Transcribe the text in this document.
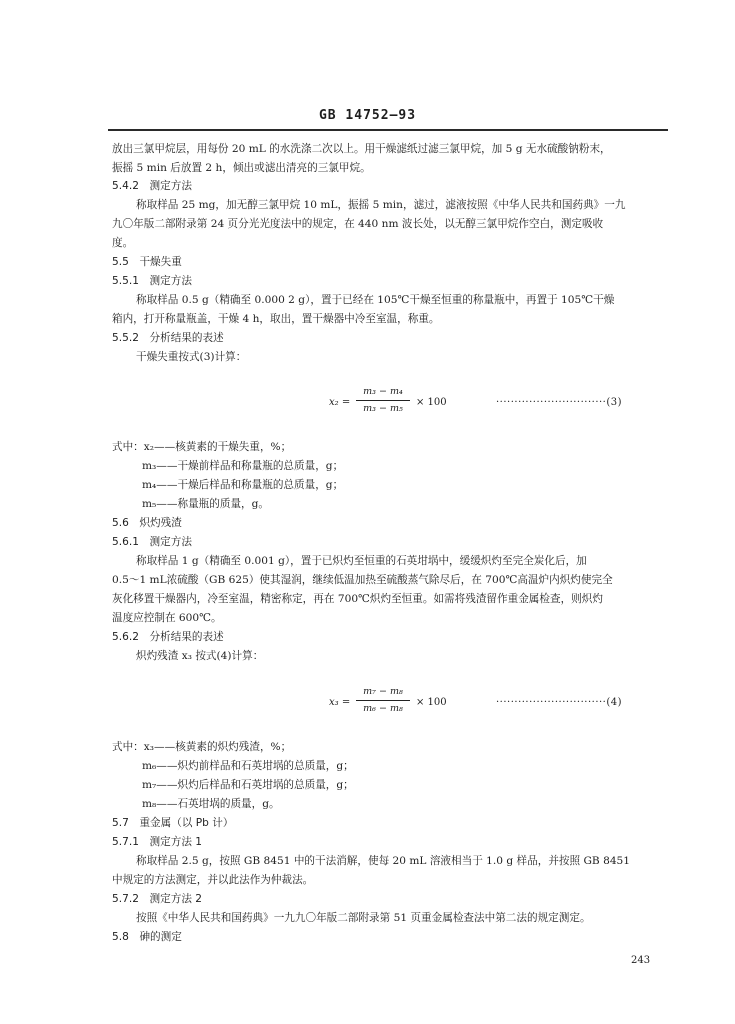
GB 14752—93
放出三氯甲烷层，用每份 20 mL 的水洗涤二次以上。用干燥滤纸过滤三氯甲烷，加 5 g 无水硫酸钠粉末，
振摇 5 min 后放置 2 h，倾出或滤出清亮的三氯甲烷。
5.4.2　测定方法
称取样品 25 mg，加无醇三氯甲烷 10 mL，振摇 5 min，滤过，滤液按照《中华人民共和国药典》一九
九〇年版二部附录第 24 页分光光度法中的规定，在 440 nm 波长处，以无醇三氯甲烷作空白，测定吸收
度。
5.5　干燥失重
5.5.1　测定方法
称取样品 0.5 g（精确至 0.000 2 g），置于已经在 105℃干燥至恒重的称量瓶中，再置于 105℃干燥
箱内，打开称量瓶盖，干燥 4 h，取出，置干燥器中冷至室温，称重。
5.5.2　分析结果的表述
干燥失重按式(3)计算：
x₂ =
m₃ − m₄
m₃ − m₅
× 100	······························(3)
式中：x₂——核黄素的干燥失重，%；
m₃——干燥前样品和称量瓶的总质量，g；
m₄——干燥后样品和称量瓶的总质量，g；
m₅——称量瓶的质量，g。
5.6　炽灼残渣
5.6.1　测定方法
称取样品 1 g（精确至 0.001 g），置于已炽灼至恒重的石英坩埚中，缓缓炽灼至完全炭化后，加
0.5～1 mL浓硫酸（GB 625）使其湿润，继续低温加热至硫酸蒸气除尽后，在 700℃高温炉内炽灼使完全
灰化移置干燥器内，冷至室温，精密称定，再在 700℃炽灼至恒重。如需将残渣留作重金属检查，则炽灼
温度应控制在 600℃。
5.6.2　分析结果的表述
炽灼残渣 x₃ 按式(4)计算：
x₃ =
m₇ − m₈
m₆ − m₈
× 100	······························(4)
式中：x₃——核黄素的炽灼残渣，%；
m₆——炽灼前样品和石英坩埚的总质量，g；
m₇——炽灼后样品和石英坩埚的总质量，g；
m₈——石英坩埚的质量，g。
5.7　重金属（以 Pb 计）
5.7.1　测定方法 1
称取样品 2.5 g，按照 GB 8451 中的干法消解，使每 20 mL 溶液相当于 1.0 g 样品，并按照 GB 8451
中规定的方法测定，并以此法作为仲裁法。
5.7.2　测定方法 2
按照《中华人民共和国药典》一九九〇年版二部附录第 51 页重金属检查法中第二法的规定测定。
5.8　砷的测定
243
